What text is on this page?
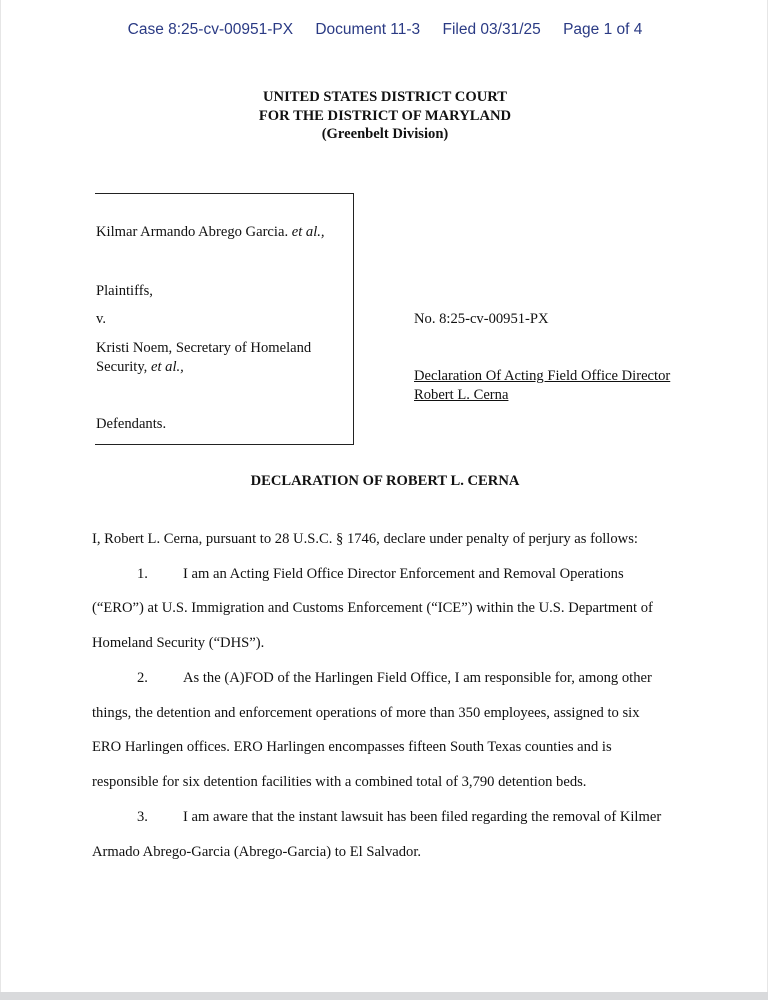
Case 8:25-cv-00951-PX Document 11-3 Filed 03/31/25 Page 1 of 4
UNITED STATES DISTRICT COURT
FOR THE DISTRICT OF MARYLAND
(Greenbelt Division)
Kilmar Armando Abrego Garcia. et al.,
Plaintiffs,
v.
Kristi Noem, Secretary of Homeland
Security, et al.,
Defendants.
No. 8:25-cv-00951-PX
Declaration Of Acting Field Office Director
Robert L. Cerna
DECLARATION OF ROBERT L. CERNA
I, Robert L. Cerna, pursuant to 28 U.S.C. § 1746, declare under penalty of perjury as follows:
1. I am an Acting Field Office Director Enforcement and Removal Operations
(“ERO”) at U.S. Immigration and Customs Enforcement (“ICE”) within the U.S. Department of
Homeland Security (“DHS”).
2. As the (A)FOD of the Harlingen Field Office, I am responsible for, among other
things, the detention and enforcement operations of more than 350 employees, assigned to six
ERO Harlingen offices. ERO Harlingen encompasses fifteen South Texas counties and is
responsible for six detention facilities with a combined total of 3,790 detention beds.
3. I am aware that the instant lawsuit has been filed regarding the removal of Kilmer
Armado Abrego-Garcia (Abrego-Garcia) to El Salvador.
